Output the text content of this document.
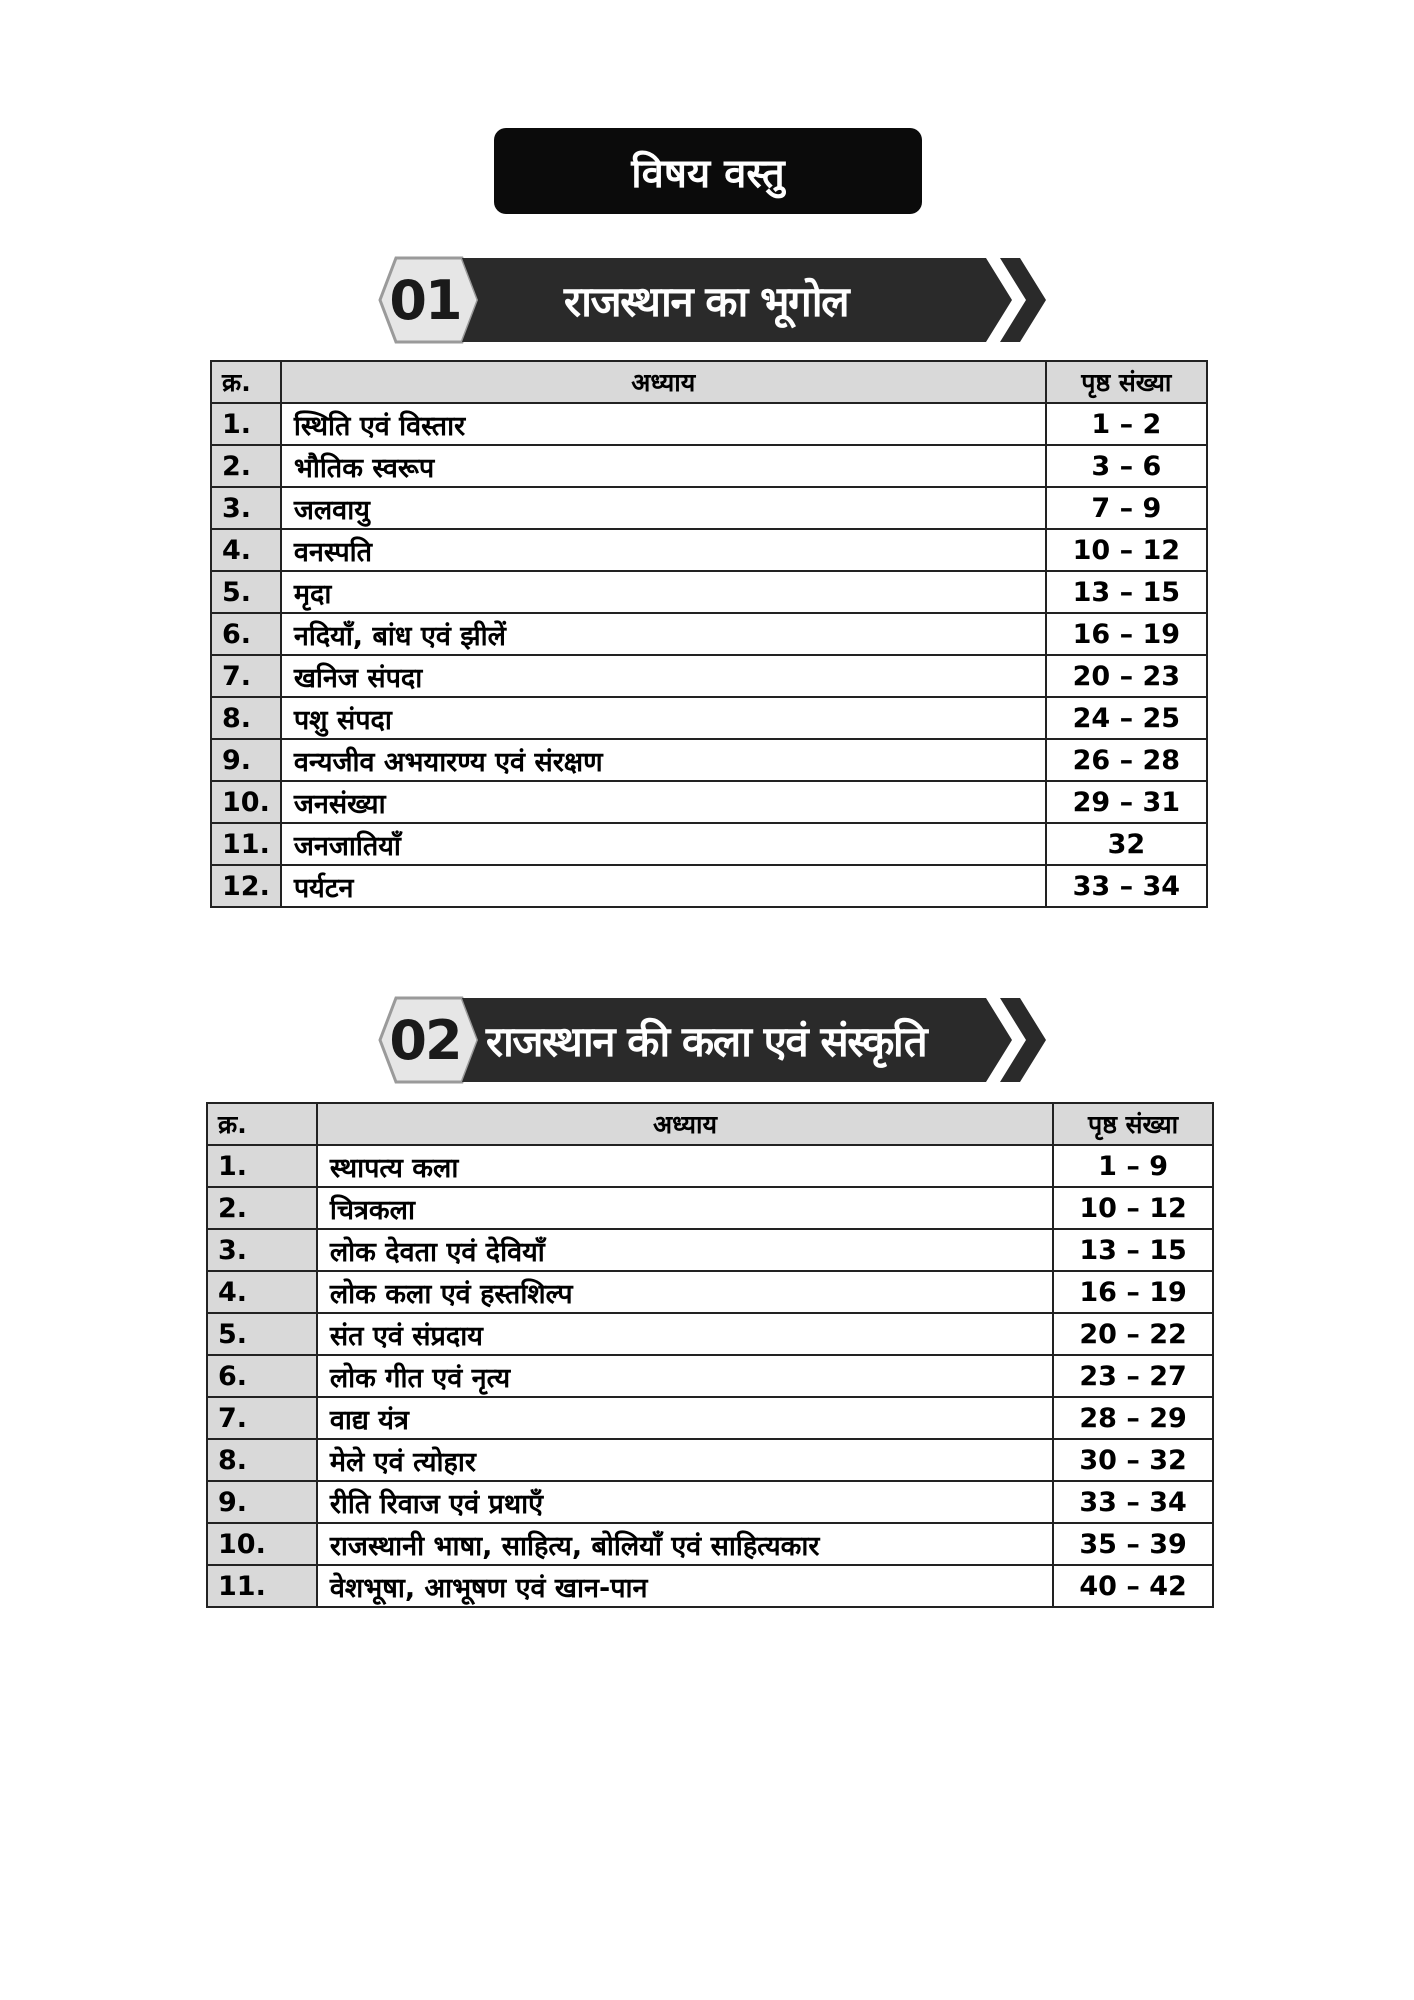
विषय वस्तु
01	राजस्थान का भूगोल
क्र.	अध्याय	पृष्ठ संख्या
1.	स्थिति एवं विस्तार	1 – 2
2.	भौतिक स्वरूप	3 – 6
3.	जलवायु	7 – 9
4.	वनस्पति	10 – 12
5.	मृदा	13 – 15
6.	नदियाँ, बांध एवं झीलें	16 – 19
7.	खनिज संपदा	20 – 23
8.	पशु संपदा	24 – 25
9.	वन्यजीव अभयारण्य एवं संरक्षण	26 – 28
10.	जनसंख्या	29 – 31
11.	जनजातियाँ	32
12.	पर्यटन	33 – 34
02 राजस्थान की कला एवं संस्कृति
क्र.	अध्याय	पृष्ठ संख्या
1.	स्थापत्य कला	1 – 9
2.	चित्रकला	10 – 12
3.	लोक देवता एवं देवियाँ	13 – 15
4.	लोक कला एवं हस्तशिल्प	16 – 19
5.	संत एवं संप्रदाय	20 – 22
6.	लोक गीत एवं नृत्य	23 – 27
7.	वाद्य यंत्र	28 – 29
8.	मेले एवं त्योहार	30 – 32
9.	रीति रिवाज एवं प्रथाएँ	33 – 34
10.	राजस्थानी भाषा, साहित्य, बोलियाँ एवं साहित्यकार	35 – 39
11.	वेशभूषा, आभूषण एवं खान-पान	40 – 42
